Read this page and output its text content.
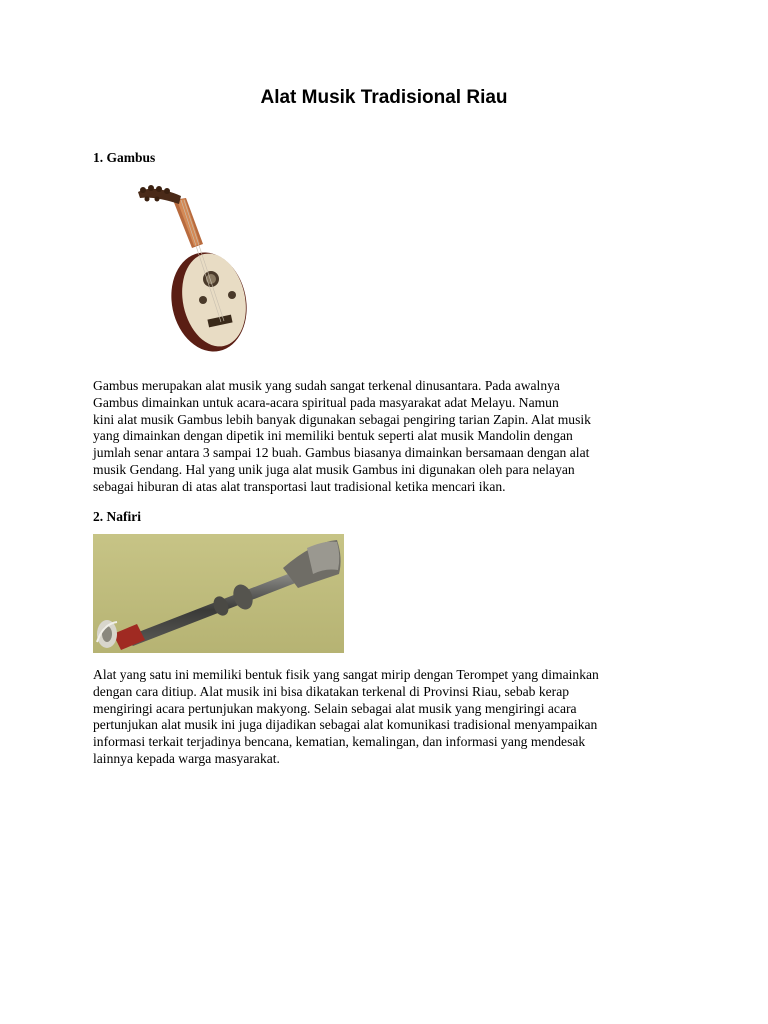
Alat Musik Tradisional Riau
1. Gambus
Gambus merupakan alat musik yang sudah sangat terkenal dinusantara. Pada awalnya
Gambus dimainkan untuk acara-acara spiritual pada masyarakat adat Melayu. Namun
kini alat musik Gambus lebih banyak digunakan sebagai pengiring tarian Zapin. Alat musik
yang dimainkan dengan dipetik ini memiliki bentuk seperti alat musik Mandolin dengan
jumlah senar antara 3 sampai 12 buah. Gambus biasanya dimainkan bersamaan dengan alat
musik Gendang. Hal yang unik juga alat musik Gambus ini digunakan oleh para nelayan
sebagai hiburan di atas alat transportasi laut tradisional ketika mencari ikan.
2. Nafiri
Alat yang satu ini memiliki bentuk fisik yang sangat mirip dengan Terompet yang dimainkan
dengan cara ditiup. Alat musik ini bisa dikatakan terkenal di Provinsi Riau, sebab kerap
mengiringi acara pertunjukan makyong. Selain sebagai alat musik yang mengiringi acara
pertunjukan alat musik ini juga dijadikan sebagai alat komunikasi tradisional menyampaikan
informasi terkait terjadinya bencana, kematian, kemalingan, dan informasi yang mendesak
lainnya kepada warga masyarakat.
